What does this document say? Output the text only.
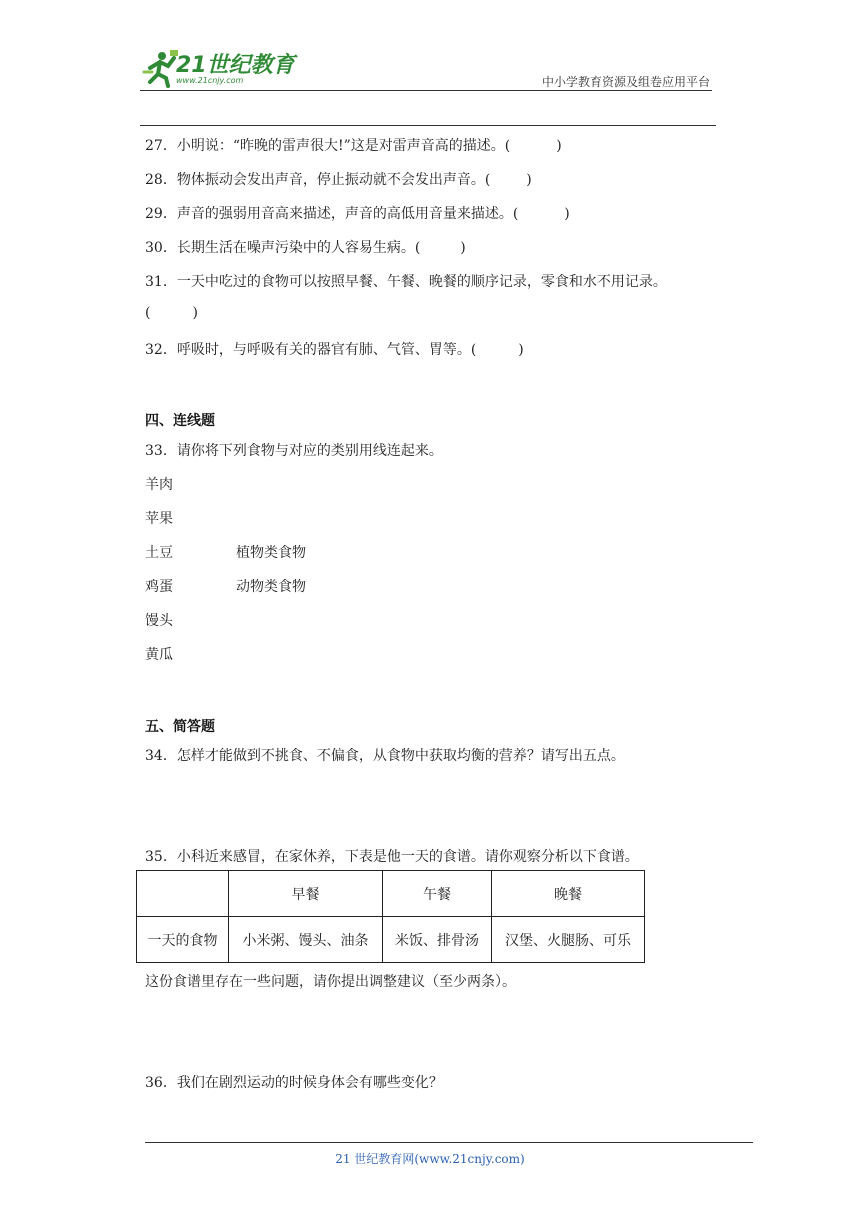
21世纪教育
www.21cnjy.com	中小学教育资源及组卷应用平台
27．小明说：“昨晚的雷声很大!”这是对雷声音高的描述。(	)
28．物体振动会发出声音，停止振动就不会发出声音。(	)
29．声音的强弱用音高来描述，声音的高低用音量来描述。(	)
30．长期生活在噪声污染中的人容易生病。(	)
31．一天中吃过的食物可以按照早餐、午餐、晚餐的顺序记录，零食和水不用记录。
(	)
32．呼吸时，与呼吸有关的器官有肺、气管、胃等。(	)
四、连线题
33．请你将下列食物与对应的类别用线连起来。
羊肉
苹果
土豆
鸡蛋
馒头
黄瓜
植物类食物
动物类食物
五、简答题
34．怎样才能做到不挑食、不偏食，从食物中获取均衡的营养？请写出五点。
35．小科近来感冒，在家休养，下表是他一天的食谱。请你观察分析以下食谱。
	早餐	午餐	晚餐
一天的食物	小米粥、馒头、油条	米饭、排骨汤	汉堡、火腿肠、可乐
这份食谱里存在一些问题，请你提出调整建议（至少两条）。
36．我们在剧烈运动的时候身体会有哪些变化？
21 世纪教育网(www.21cnjy.com)
